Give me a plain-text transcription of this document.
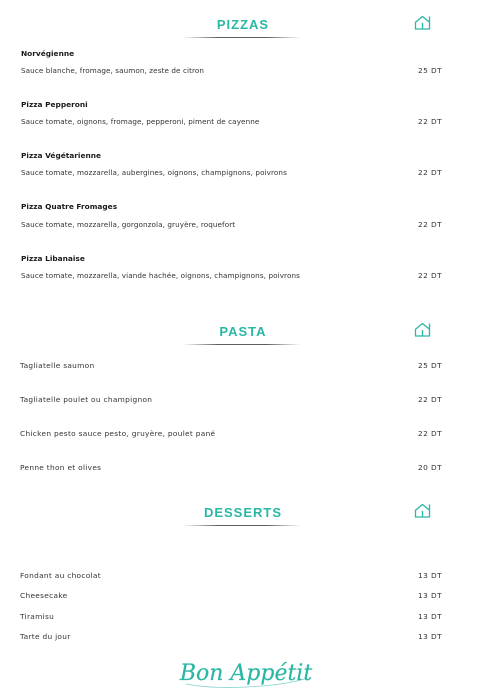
PIZZAS
Norvégienne
Sauce blanche, fromage, saumon, zeste de citron	25 DT
Pizza Pepperoni
Sauce tomate, oignons, fromage, pepperoni, piment de cayenne	22 DT
Pizza Végétarienne
Sauce tomate, mozzarella, aubergines, oignons, champignons, poivrons	22 DT
Pizza Quatre Fromages
Sauce tomate, mozzarella, gorgonzola, gruyère, roquefort	22 DT
Pizza Libanaise
Sauce tomate, mozzarella, viande hachée, oignons, champignons, poivrons	22 DT
PASTA
Tagliatelle saumon	25 DT
Tagliatelle poulet ou champignon	22 DT
Chicken pesto sauce pesto, gruyère, poulet pané	22 DT
Penne thon et olives	20 DT
DESSERTS
Fondant au chocolat	13 DT
Cheesecake	13 DT
Tiramisu	13 DT
Tarte du jour	13 DT
Bon Appétit
